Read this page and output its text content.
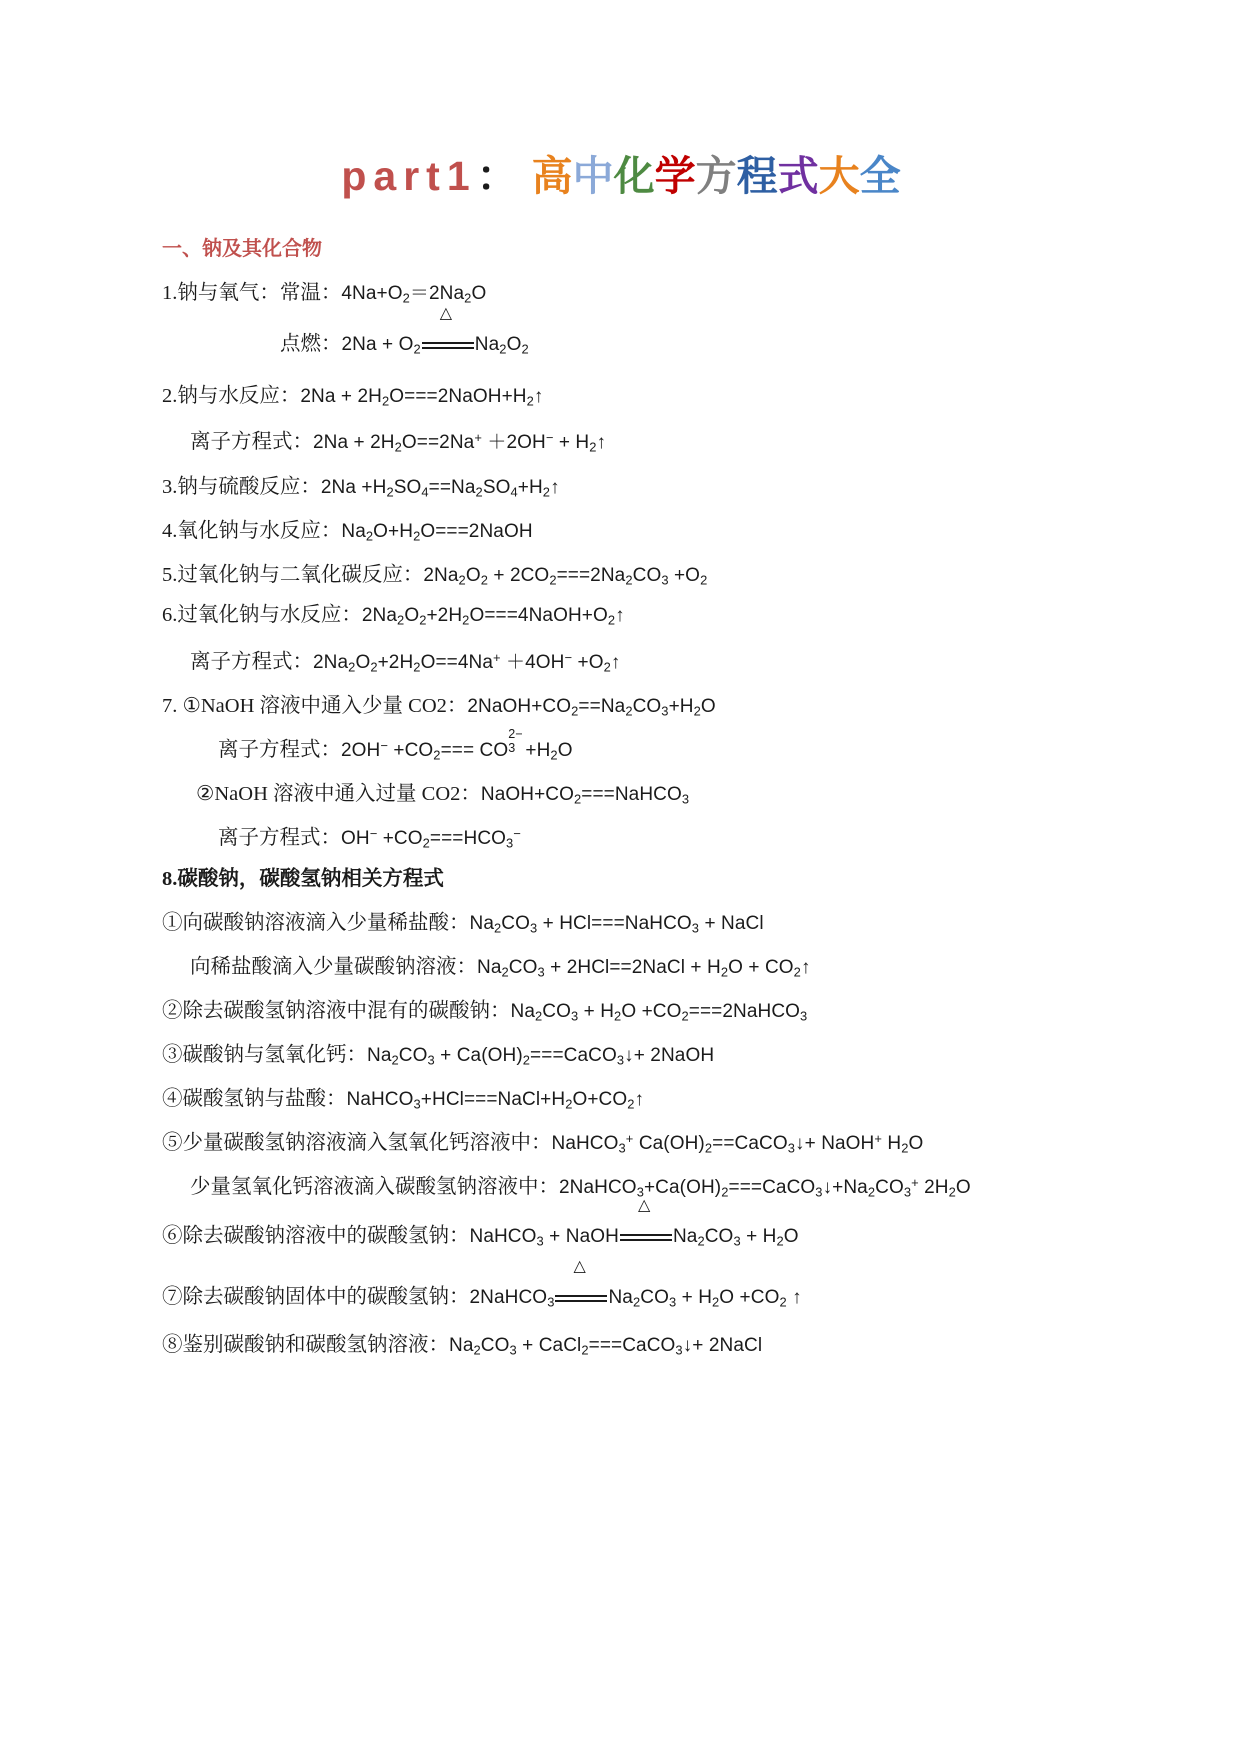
part1： 高中化学方程式大全
一、钠及其化合物
1.钠与氧气：常温：$4Na+O_2=2Na_2O$
点燃：$2Na + O_2$
△	$Na_2O_2$
2.钠与水反应：$2Na + 2H_2O===2NaOH+H_2↑$
离子方程式：$2Na + 2H_2O==2Na^+ +2OH^-$ + $H_2↑$
3.钠与硫酸反应：$2Na +H_2SO_4==Na_2SO_4+H_2↑$
4.氧化钠与水反应：$Na_2O+H_2O===2NaOH$
5.过氧化钠与二氧化碳反应：$2Na_2O_2 + 2CO_2===2Na_2CO_3 +O_2$
6.过氧化钠与水反应：$2Na_2O_2+2H_2O===4NaOH+O_2↑$
离子方程式：$2Na_2O_2+2H_2O==4Na^+ +4OH^-$ $+O_2↑$
7. ①NaOH 溶液中通入少量 CO2：$2NaOH+CO_2==Na_2CO_3+H_2O$
离子方程式：$2OH^- +CO_2===$ CO 3
2−
$+H_2O$
②NaOH 溶液中通入过量 CO2：$NaOH+CO_2===NaHCO_3$
离子方程式：$OH^- +CO_2===HCO_3^-$
8.碳酸钠，碳酸氢钠相关方程式
①向碳酸钠溶液滴入少量稀盐酸：$Na_2CO_3$ + HCl===NaHCO$_3$ + NaCl
向稀盐酸滴入少量碳酸钠溶液：$Na_2CO_3$ + 2HCl==2NaCl + $H_2O$ + $CO_2↑$
②除去碳酸氢钠溶液中混有的碳酸钠：$Na_2CO_3 + H_2O$ $+CO_2===2NaHCO_3$
③碳酸钠与氢氧化钙：$Na_2CO_3$ + $Ca(OH)_2===CaCO_3↓+$ 2NaOH
④碳酸氢钠与盐酸：$NaHCO_3+HCl===NaCl+H_2O+CO_2↑$
⑤少量碳酸氢钠溶液滴入氢氧化钙溶液中：NaHCO$_3$+ $Ca(OH)_2==CaCO_3↓+$ NaOH+ $H_2O$
少量氢氧化钙溶液滴入碳酸氢钠溶液中：$2NaHCO_3+Ca(OH)_2===CaCO_3↓+Na_2CO_3^+$ $2H_2O$
⑥除去碳酸钠溶液中的碳酸氢钠：NaHCO$_3$ + NaOH
△	$Na_2CO_3 + H_2O$
⑦除去碳酸钠固体中的碳酸氢钠：2NaHCO$_3$
△	$Na_2CO_3 + H_2O +CO_2$ ↑
⑧鉴别碳酸钠和碳酸氢钠溶液：$Na_2CO_3$ + CaCl$_2$===CaCO$_3$↓+ 2NaCl
